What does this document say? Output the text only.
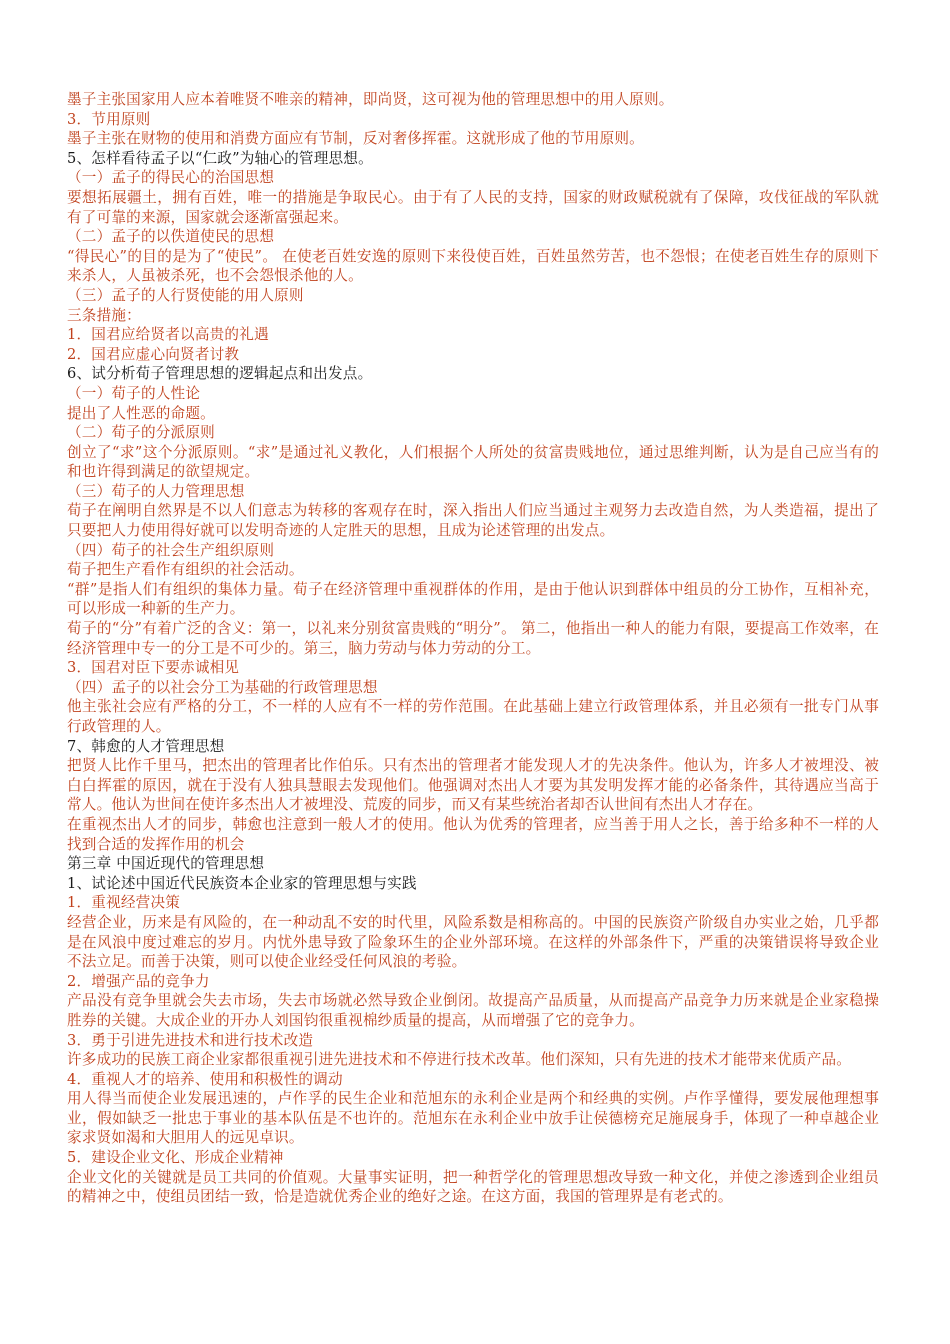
墨子主张国家用人应本着唯贤不唯亲的精神，即尚贤，这可视为他的管理思想中的用人原则。

3．节用原则

墨子主张在财物的使用和消费方面应有节制，反对奢侈挥霍。这就形成了他的节用原则。

5、怎样看待孟子以“仁政”为轴心的管理思想。

（一）孟子的得民心的治国思想

要想拓展疆土，拥有百姓，唯一的措施是争取民心。由于有了人民的支持，国家的财政赋税就有了保障，攻伐征战的军队就有了可靠的来源，国家就会逐渐富强起来。

（二）孟子的以佚道使民的思想

“得民心”的目的是为了“使民”。 在使老百姓安逸的原则下来役使百姓，百姓虽然劳苦，也不怨恨；在使老百姓生存的原则下来杀人，人虽被杀死，也不会怨恨杀他的人。

（三）孟子的人行贤使能的用人原则

三条措施：

1．国君应给贤者以高贵的礼遇

2．国君应虚心向贤者讨教

6、试分析荀子管理思想的逻辑起点和出发点。

（一）荀子的人性论

提出了人性恶的命题。

（二）荀子的分派原则

创立了“求”这个分派原则。“求”是通过礼义教化，人们根据个人所处的贫富贵贱地位，通过思维判断，认为是自己应当有的和也许得到满足的欲望规定。

（三）荀子的人力管理思想

荀子在阐明自然界是不以人们意志为转移的客观存在时，深入指出人们应当通过主观努力去改造自然，为人类造福，提出了只要把人力使用得好就可以发明奇迹的人定胜天的思想，且成为论述管理的出发点。

（四）荀子的社会生产组织原则

荀子把生产看作有组织的社会活动。

“群”是指人们有组织的集体力量。荀子在经济管理中重视群体的作用，是由于他认识到群体中组员的分工协作，互相补充，可以形成一种新的生产力。

荀子的“分”有着广泛的含义：第一，以礼来分别贫富贵贱的“明分”。 第二，他指出一种人的能力有限，要提高工作效率，在经济管理中专一的分工是不可少的。第三，脑力劳动与体力劳动的分工。

3．国君对臣下要赤诚相见

（四）孟子的以社会分工为基础的行政管理思想

他主张社会应有严格的分工，不一样的人应有不一样的劳作范围。在此基础上建立行政管理体系，并且必须有一批专门从事行政管理的人。

7、韩愈的人才管理思想

把贤人比作千里马，把杰出的管理者比作伯乐。只有杰出的管理者才能发现人才的先决条件。他认为，许多人才被埋没、被白白挥霍的原因，就在于没有人独具慧眼去发现他们。他强调对杰出人才要为其发明发挥才能的必备条件，其待遇应当高于常人。他认为世间在使许多杰出人才被埋没、荒废的同步，而又有某些统治者却否认世间有杰出人才存在。

在重视杰出人才的同步，韩愈也注意到一般人才的使用。他认为优秀的管理者，应当善于用人之长，善于给多种不一样的人找到合适的发挥作用的机会

第三章 中国近现代的管理思想

1、试论述中国近代民族资本企业家的管理思想与实践

1．重视经营决策

经营企业，历来是有风险的，在一种动乱不安的时代里，风险系数是相称高的。中国的民族资产阶级自办实业之始，几乎都是在风浪中度过难忘的岁月。内忧外患导致了险象环生的企业外部环境。在这样的外部条件下，严重的决策错误将导致企业不法立足。而善于决策，则可以使企业经受任何风浪的考验。

2．增强产品的竞争力

产品没有竞争里就会失去市场，失去市场就必然导致企业倒闭。故提高产品质量，从而提高产品竞争力历来就是企业家稳操胜券的关键。大成企业的开办人刘国钧很重视棉纱质量的提高，从而增强了它的竞争力。

3．勇于引进先进技术和进行技术改造

许多成功的民族工商企业家都很重视引进先进技术和不停进行技术改革。他们深知，只有先进的技术才能带来优质产品。

4．重视人才的培养、使用和积极性的调动

用人得当而使企业发展迅速的，卢作孚的民生企业和范旭东的永利企业是两个和经典的实例。卢作孚懂得，要发展他理想事业，假如缺乏一批忠于事业的基本队伍是不也许的。范旭东在永利企业中放手让侯德榜充足施展身手，体现了一种卓越企业家求贤如渴和大胆用人的远见卓识。

5．建设企业文化、形成企业精神

企业文化的关键就是员工共同的价值观。大量事实证明，把一种哲学化的管理思想改导致一种文化，并使之渗透到企业组员的精神之中，使组员团结一致，恰是造就优秀企业的绝好之途。在这方面，我国的管理界是有老式的。
